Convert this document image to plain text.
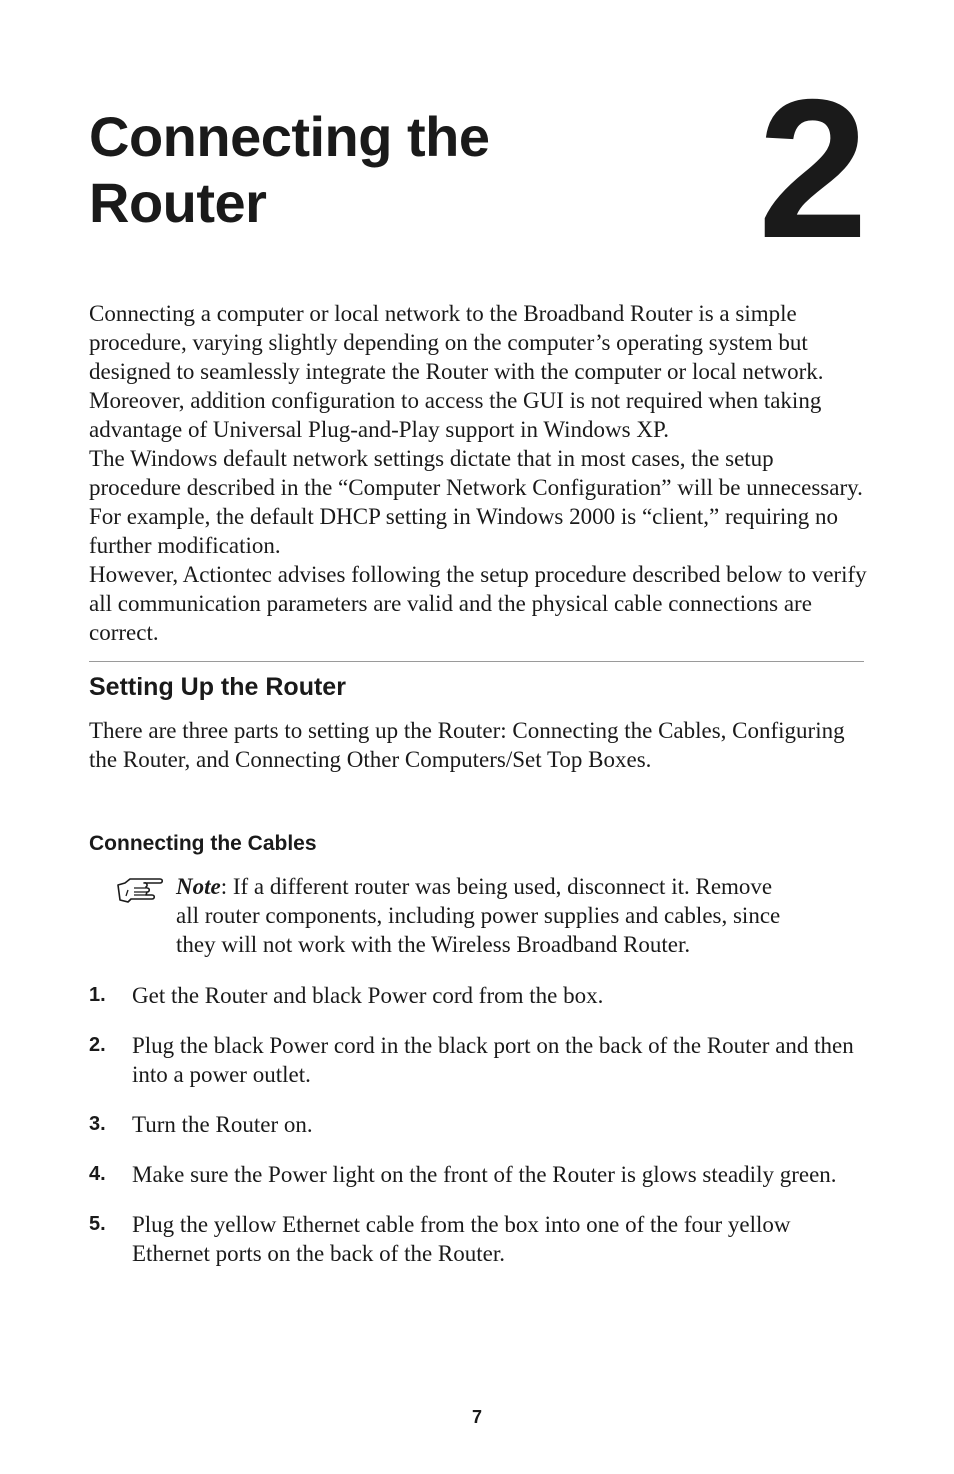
Connecting the
Router	2

Connecting a computer or local network to the Broadband Router is a simple procedure, varying slightly depending on the computer’s operating system but designed to seamlessly integrate the Router with the computer or local network. Moreover, addition configuration to access the GUI is not required when taking advantage of Universal Plug-and-Play support in Windows XP.

The Windows default network settings dictate that in most cases, the setup procedure described in the “Computer Network Configuration” will be unnecessary. For example, the default DHCP setting in Windows 2000 is “client,” requiring no further modification.

However, Actiontec advises following the setup procedure described below to verify all communication parameters are valid and the physical cable connections are correct.

Setting Up the Router

There are three parts to setting up the Router: Connecting the Cables, Configuring the Router, and Connecting Other Computers/Set Top Boxes.

Connecting the Cables

Note: If a different router was being used, disconnect it. Remove all router components, including power supplies and cables, since they will not work with the Wireless Broadband Router.

1. Get the Router and black Power cord from the box.
2. Plug the black Power cord in the black port on the back of the Router and then into a power outlet.
3. Turn the Router on.
4. Make sure the Power light on the front of the Router is glows steadily green.
5. Plug the yellow Ethernet cable from the box into one of the four yellow Ethernet ports on the back of the Router.
7
